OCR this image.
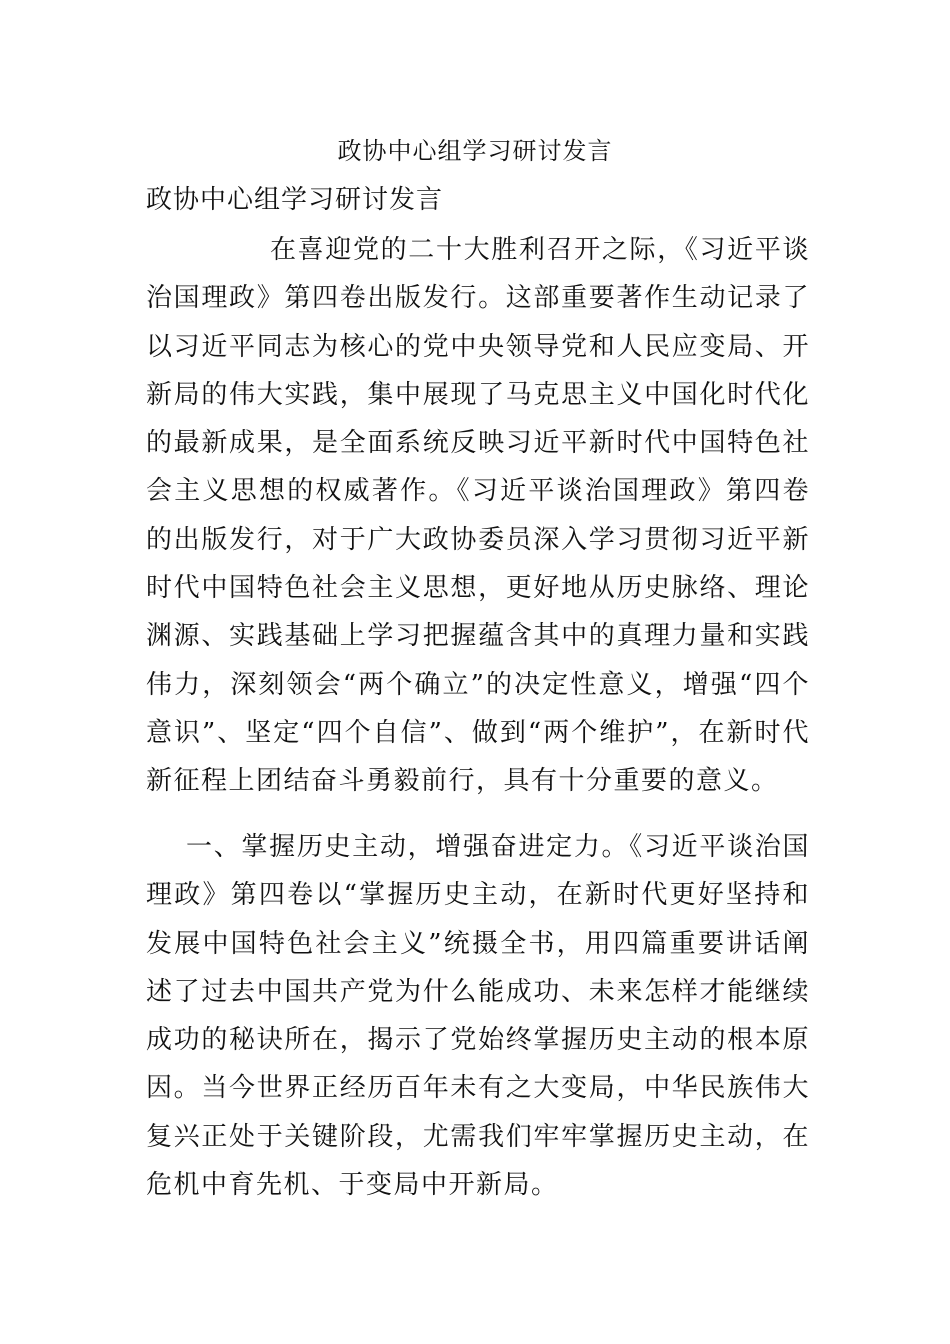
政协中心组学习研讨发言

政协中心组学习研讨发言

在喜迎党的二十大胜利召开之际，《习近平谈治国理政》第四卷出版发行。这部重要著作生动记录了以习近平同志为核心的党中央领导党和人民应变局、开新局的伟大实践，集中展现了马克思主义中国化时代化的最新成果，是全面系统反映习近平新时代中国特色社会主义思想的权威著作。《习近平谈治国理政》第四卷的出版发行，对于广大政协委员深入学习贯彻习近平新时代中国特色社会主义思想，更好地从历史脉络、理论渊源、实践基础上学习把握蕴含其中的真理力量和实践伟力，深刻领会“两个确立”的决定性意义，增强“四个意识”、坚定“四个自信”、做到“两个维护”，在新时代新征程上团结奋斗勇毅前行，具有十分重要的意义。

一、掌握历史主动，增强奋进定力。《习近平谈治国理政》第四卷以“掌握历史主动，在新时代更好坚持和发展中国特色社会主义”统摄全书，用四篇重要讲话阐述了过去中国共产党为什么能成功、未来怎样才能继续成功的秘诀所在，揭示了党始终掌握历史主动的根本原因。当今世界正经历百年未有之大变局，中华民族伟大复兴正处于关键阶段，尤需我们牢牢掌握历史主动，在危机中育先机、于变局中开新局。
